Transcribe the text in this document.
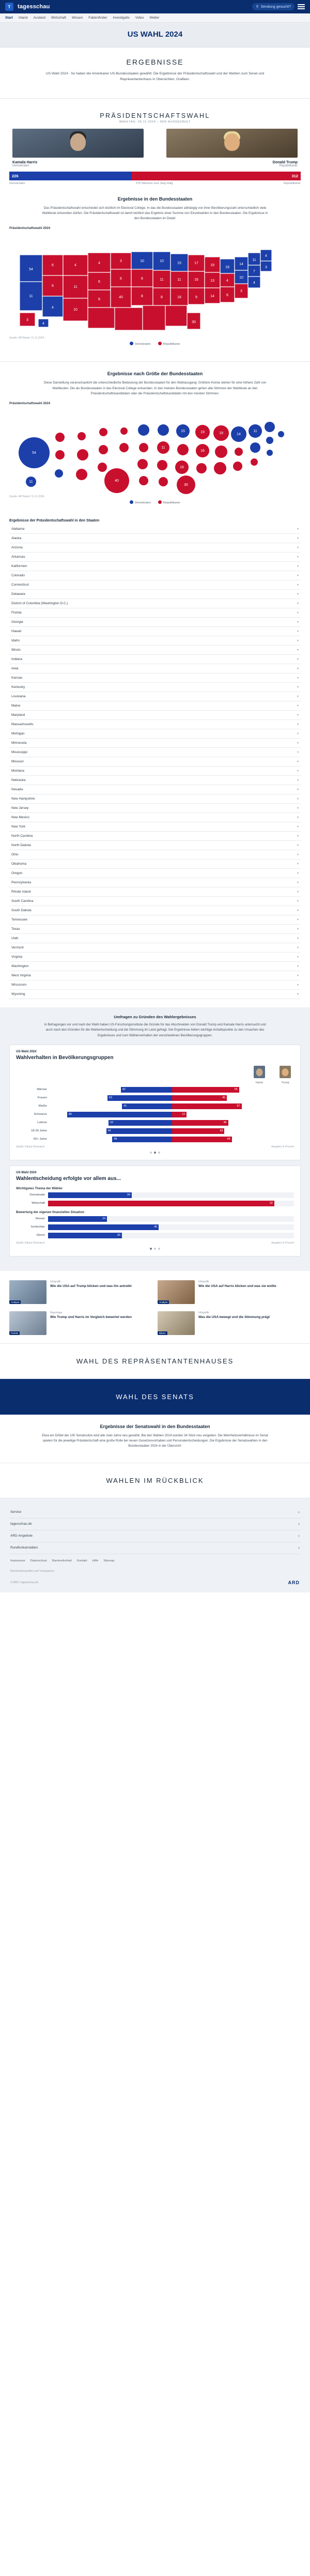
T tagesschau	⚲ Sendung gesucht?
Start Inland Ausland Wirtschaft Wissen Faktenfinder Investigativ Video Wetter
US WAHL 2024
ERGEBNISSE

US-Wahl 2024 - So haben die Amerikaner US-Bundesstaaten gewählt: Die Ergebnisse der Präsidentschaftswahl und der Wahlen zum Senat und Repräsentantenhaus in Übersichten, Grafiken.

PRÄSIDENTSCHAFTSWAHL
WAHLTAG: 05.11.2024 – 96% AUSGEZÄHLT
Kamala Harris
Demokraten
Donald Trump
Republikaner
226	312
Demokraten	270 Stimmen zum Sieg nötig	Republikaner
Ergebnisse in den Bundesstaaten

Das Präsidentschaftswahl entscheidet sich letztlich im Electoral College. In das die Bundesstaaten abhängig von ihrer Bevölkerungszahl unterschiedlich viele Wahlleute entsenden dürfen. Die Präsidentschaftswahl ist damit letztlich das Ergebnis einer Summe von Einzelwahlen in den Bundesstaaten. Die Ergebnisse in den Bundesstaaten im Detail:

Präsidentschaftswahl 2024
54
11
6
6
4
4
11
10
4
6
6
3
6
40
10
6
8
10
11
8
15
11
16
17
16
9
19
13
14
19
4
6
14
10
3
11
7
4
4
3
30
3
4
Quelle: AP/Stand: 11.11.2024
Demokraten	Republikaner
Ergebnisse nach Größe der Bundesstaaten

Diese Darstellung veranschaulicht die unterschiedliche Bedeutung der Bundesstaaten für den Wahlausgang: Größere Kreise stehen für eine höhere Zahl von Wahlleuten. Die als Bundesstaaten in das Electoral College entsenden. In den meisten Bundesstaaten gehen alle Stimmen der Wahlleute an den Präsidentschaftskandidaten oder die Präsidentschaftskandidatin mit den meisten Stimmen.

Präsidentschaftswahl 2024
54
11	40
30
15	19	19	14
11
11
16
16
Quelle: AP/Stand: 11.11.2024
Demokraten	Republikaner
Ergebnisse der Präsidentschaftswahl in den Staaten
Alabama	▾
Alaska	▾
Arizona	▾
Arkansas	▾
Kalifornien	▾
Colorado	▾
Connecticut	▾
Delaware	▾
District of Columbia (Washington D.C.)	▾
Florida	▾
Georgia	▾
Hawaii	▾
Idaho	▾
Illinois	▾
Indiana	▾
Iowa	▾
Kansas	▾
Kentucky	▾
Louisiana	▾
Maine	▾
Maryland	▾
Massachusetts	▾
Michigan	▾
Minnesota	▾
Mississippi	▾
Missouri	▾
Montana	▾
Nebraska	▾
Nevada	▾
New Hampshire	▾
New Jersey	▾
New Mexico	▾
New York	▾
North Carolina	▾
North Dakota	▾
Ohio	▾
Oklahoma	▾
Oregon	▾
Pennsylvania	▾
Rhode Island	▾
South Carolina	▾
South Dakota	▾
Tennessee	▾
Texas	▾
Utah	▾
Vermont	▾
Virginia	▾
Washington	▾
West Virginia	▾
Wisconsin	▾
Wyoming	▾
Umfragen zu Gründen des Wahlergebnisses

In Befragungen vor und nach der Wahl haben US-Forschungsinstitute die Gründe für das Abschneiden von Donald Trump und Kamala Harris untersucht und auch nach den Gründen für die Wahlentscheidung und die Stimmung im Land gefragt. Die Ergebnisse liefern wichtige Anhaltspunkte zu den Ursachen des Ergebnisses und zum Wählerverhalten der verschiedenen Bevölkerungsgruppen.

US-Wahl 2024
Wahlverhalten in Bevölkerungsgruppen
Harris	Trump
Männer	42	55
Frauen	53	45
Weiße	41	57
Schwarze	86	12
Latinos	52	46
18-29 Jahre	54	43
65+ Jahre	49	49
Quelle: Edison Research	Angaben in Prozent
US-Wahl 2024
Wahlentscheidung erfolgte vor allem aus...
Wichtigstes Thema der Wähler
Demokratie	34
Wirtschaft	32
Bewertung der eigenen finanziellen Situation
Besser	24
Schlechter	45
Gleich	30
Quelle: Edison Research	Angaben in Prozent
Analyse
Infografik
Wie die USA auf Trump blicken und was ihn antreibt
Analyse
Infografik
Wie die USA auf Harris blicken und was sie wollte
Porträt
Reportage
Wie Trump und Harris im Vergleich bewertet werden
Bilanz
Infografik
Was die USA bewegt und die Stimmung prägt
WAHL DES REPRÄSENTANTENHAUSES
WAHL DES SENATS
Ergebnisse der Senatswahl in den Bundesstaaten

Etwa ein Drittel der 100 Senatssitze wird alle zwei Jahre neu gewählt. Bei den Wahlen 2024 wurden 34 Sitze neu vergeben. Die Mehrheitsverhältnisse im Senat spielen für die jeweilige Präsidentschaft eine große Rolle bei neuen Gesetzesvorhaben und Personalentscheidungen. Die Ergebnisse der Senatswahlen in den Bundesstaaten 2024 in der Übersicht:

WAHLEN IM RÜCKBLICK
Service	▾
tagesschau.de	▾
ARD-Angebote	▾
Rundfunkanstalten	▾
Impressum Datenschutz Barrierefreiheit Kontakt Hilfe Sitemap
Nachrichtenquellen und Transparenz
© ARD / tagesschau.de	ARD
